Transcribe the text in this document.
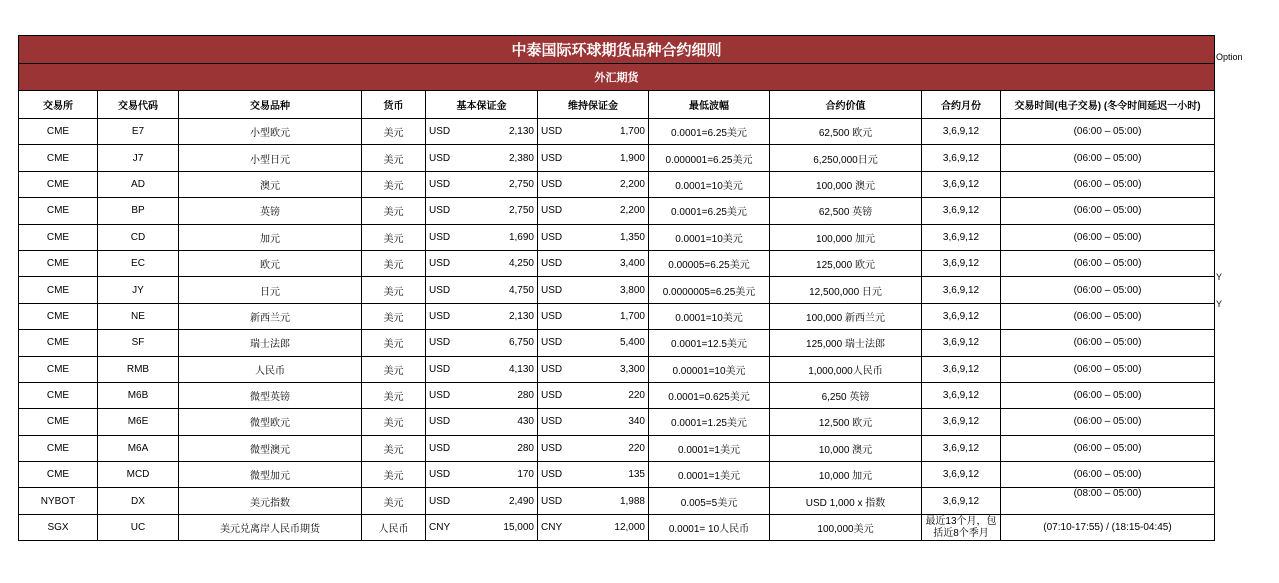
中泰国际环球期货品种合约细则									
外汇期货									
交易所	交易代码	交易品种	货币	基本保证金	维持保证金	最低波幅	合约价值	合约月份	交易时间(电子交易) (冬令时间延迟一小时)
CME	E7	小型欧元	美元	USD 2,130	USD 1,700	0.0001=6.25美元	62,500 欧元	3,6,9,12	(06:00 – 05:00)
CME	J7	小型日元	美元	USD 2,380	USD 1,900	0.000001=6.25美元	6,250,000日元	3,6,9,12	(06:00 – 05:00)
CME	AD	澳元	美元	USD 2,750	USD 2,200	0.0001=10美元	100,000 澳元	3,6,9,12	(06:00 – 05:00)
CME	BP	英镑	美元	USD 2,750	USD 2,200	0.0001=6.25美元	62,500 英镑	3,6,9,12	(06:00 – 05:00)
CME	CD	加元	美元	USD 1,690	USD 1,350	0.0001=10美元	100,000 加元	3,6,9,12	(06:00 – 05:00)
CME	EC	欧元	美元	USD 4,250	USD 3,400	0.00005=6.25美元	125,000 欧元	3,6,9,12	(06:00 – 05:00)
CME	JY	日元	美元	USD 4,750	USD 3,800	0.0000005=6.25美元	12,500,000 日元	3,6,9,12	(06:00 – 05:00)
CME	NE	新西兰元	美元	USD 2,130	USD 1,700	0.0001=10美元	100,000 新西兰元	3,6,9,12	(06:00 – 05:00)
CME	SF	瑞士法郎	美元	USD 6,750	USD 5,400	0.0001=12.5美元	125,000 瑞士法郎	3,6,9,12	(06:00 – 05:00)
CME	RMB	人民币	美元	USD 4,130	USD 3,300	0.00001=10美元	1,000,000人民币	3,6,9,12	(06:00 – 05:00)
CME	M6B	微型英镑	美元	USD 280	USD 220	0.0001=0.625美元	6,250 英镑	3,6,9,12	(06:00 – 05:00)
CME	M6E	微型欧元	美元	USD 430	USD 340	0.0001=1.25美元	12,500 欧元	3,6,9,12	(06:00 – 05:00)
CME	M6A	微型澳元	美元	USD 280	USD 220	0.0001=1美元	10,000 澳元	3,6,9,12	(06:00 – 05:00)
CME	MCD	微型加元	美元	USD 170	USD 135	0.0001=1美元	10,000 加元	3,6,9,12	(06:00 – 05:00)
NYBOT	DX	美元指数	美元	USD 2,490	USD 1,988	0.005=5美元	USD 1,000 x 指数	3,6,9,12	(08:00 – 05:00)
SGX	UC	美元兑离岸人民币期货	人民币	CNY 15,000	CNY 12,000	0.0001= 10人民币	100,000美元	最近13个月，包括近8个季月	(07:10-17:55) / (18:15-04:45)
Option
Y
Y
